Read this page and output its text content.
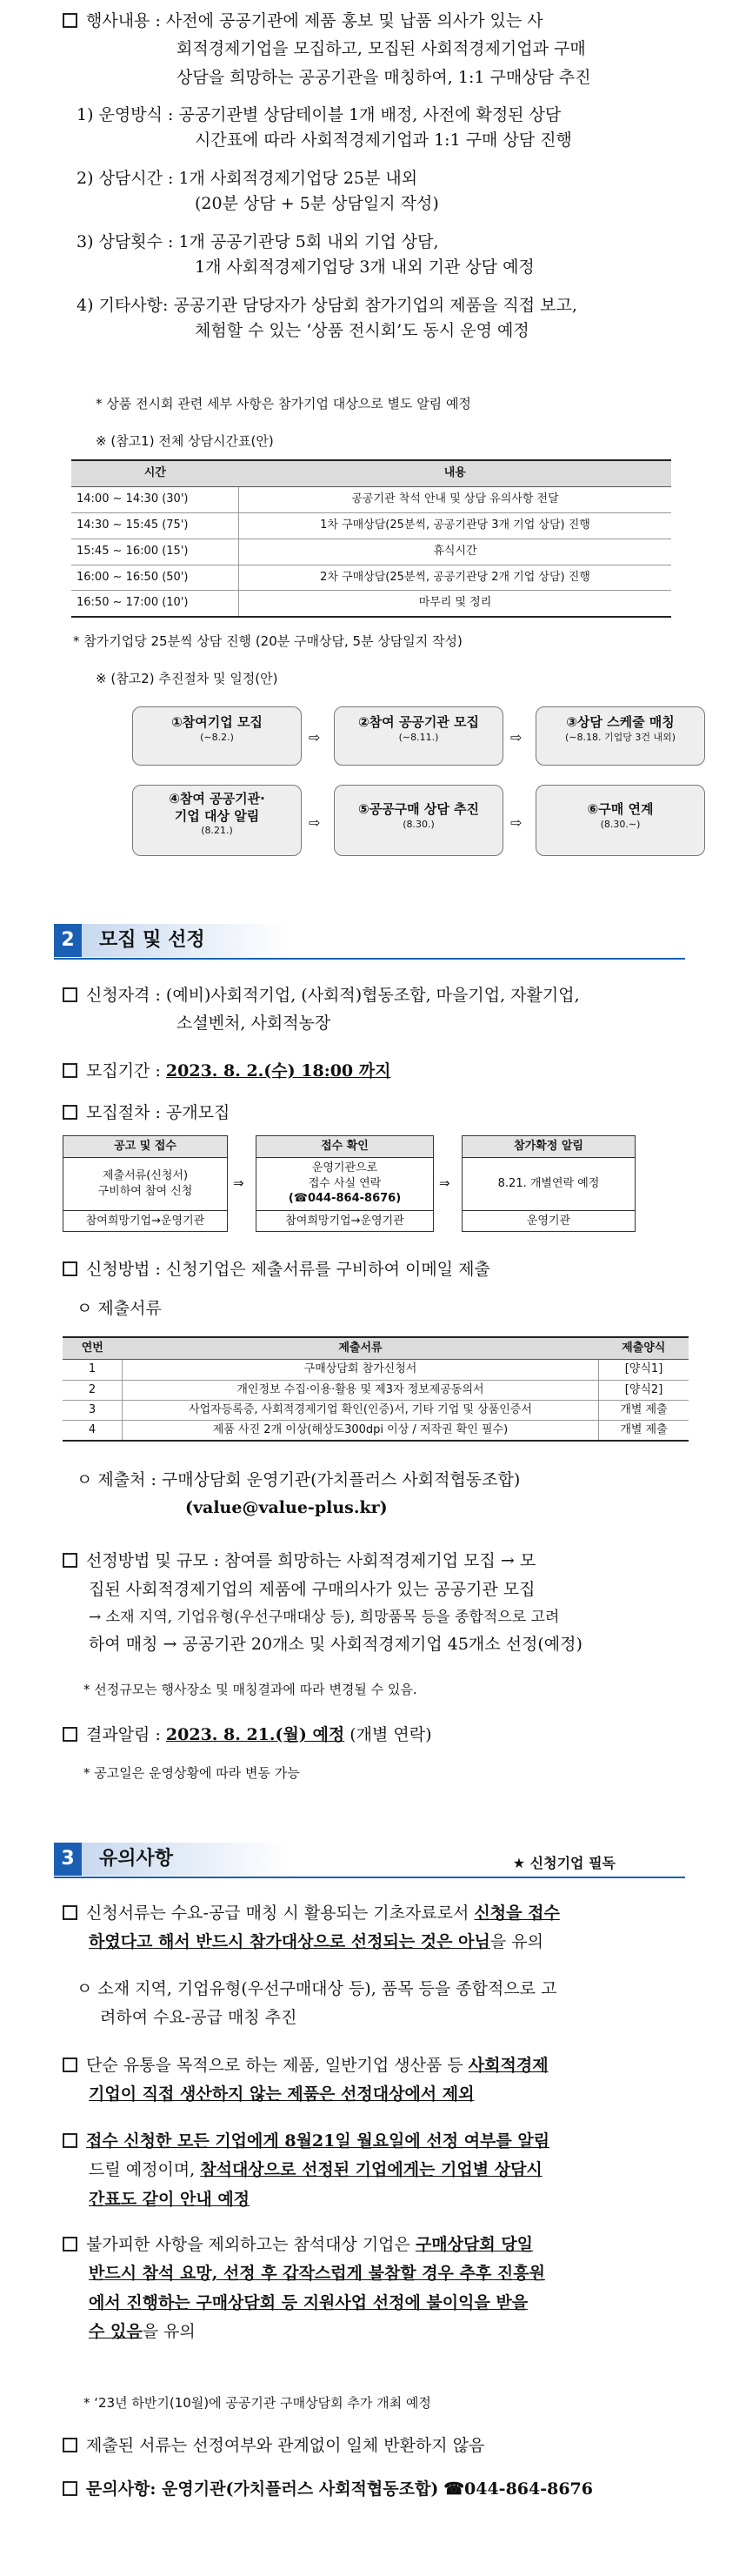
행사내용 : 사전에 공공기관에 제품 홍보 및 납품 의사가 있는 사

회적경제기업을 모집하고, 모집된 사회적경제기업과 구매

상담을 희망하는 공공기관을 매칭하여, 1:1 구매상담 추진

1) 운영방식 : 공공기관별 상담테이블 1개 배정, 사전에 확정된 상담
시간표에 따라 사회적경제기업과 1:1 구매 상담 진행
2) 상담시간 : 1개 사회적경제기업당 25분 내외
(20분 상담 + 5분 상담일지 작성)
3) 상담횟수 : 1개 공공기관당 5회 내외 기업 상담,
1개 사회적경제기업당 3개 내외 기관 상담 예정
4) 기타사항: 공공기관 담당자가 상담회 참가기업의 제품을 직접 보고,
체험할 수 있는 ‘상품 전시회’도 동시 운영 예정
* 상품 전시회 관련 세부 사항은 참가기업 대상으로 별도 알림 예정
※ (참고1) 전체 상담시간표(안)
시간	내용
14:00 ∼ 14:30 (30')	공공기관 착석 안내 및 상담 유의사항 전달
14:30 ∼ 15:45 (75')	1차 구매상담(25분씩, 공공기관당 3개 기업 상담) 진행
15:45 ∼ 16:00 (15')	휴식시간
16:00 ∼ 16:50 (50')	2차 구매상담(25분씩, 공공기관당 2개 기업 상담) 진행
16:50 ∼ 17:00 (10')	마무리 및 정리
* 참가기업당 25분씩 상담 진행 (20분 구매상담, 5분 상담일지 작성)
※ (참고2) 추진절차 및 일정(안)
①참여기업 모집
(∼8.2.)	⇨
②참여 공공기관 모집
(∼8.11.)	⇨
③상담 스케줄 매칭
(∼8.18. 기업당 3건 내외)
④참여 공공기관·
기업 대상 알림
(8.21.)	⇨
⑤공공구매 상담 추진
(8.30.)	⇨
⑥구매 연계
(8.30.∼)
2	모집 및 선정

신청자격 : (예비)사회적기업, (사회적)협동조합, 마을기업, 자활기업,

소셜벤처, 사회적농장

모집기간 : 2023. 8. 2.(수) 18:00 까지

모집절차 : 공개모집

공고 및 접수
제출서류(신청서)
구비하여 참여 신청
참여희망기업→운영기관
⇒
접수 확인
운영기관으로
접수 사실 연락
(☎044-864-8676)
참여희망기업→운영기관
⇒
참가확정 알림
8.21. 개별연락 예정
운영기관

신청방법 : 신청기업은 제출서류를 구비하여 이메일 제출

ㅇ 제출서류
연번	제출서류	제출양식
1	구매상담회 참가신청서	[양식1]
2	개인정보 수집·이용·활용 및 제3자 정보제공동의서	[양식2]
3	사업자등록증, 사회적경제기업 확인(인증)서, 기타 기업 및 상품인증서	개별 제출
4	제품 사진 2개 이상(해상도300dpi 이상 / 저작권 확인 필수)	개별 제출
ㅇ 제출처 : 구매상담회 운영기관(가치플러스 사회적협동조합)
(value@value-plus.kr)
선정방법 및 규모 : 참여를 희망하는 사회적경제기업 모집 → 모
집된 사회적경제기업의 제품에 구매의사가 있는 공공기관 모집
→ 소재 지역, 기업유형(우선구매대상 등), 희망품목 등을 종합적으로 고려
하여 매칭 → 공공기관 20개소 및 사회적경제기업 45개소 선정(예정)
* 선정규모는 행사장소 및 매칭결과에 따라 변경될 수 있음.

결과알림 : 2023. 8. 21.(월) 예정 (개별 연락)

* 공고일은 운영상황에 따라 변동 가능
3	유의사항	★ 신청기업 필독
신청서류는 수요-공급 매칭 시 활용되는 기초자료로서 신청을 접수
하였다고 해서 반드시 참가대상으로 선정되는 것은 아님을 유의
ㅇ 소재 지역, 기업유형(우선구매대상 등), 품목 등을 종합적으로 고
려하여 수요-공급 매칭 추진
단순 유통을 목적으로 하는 제품, 일반기업 생산품 등 사회적경제
기업이 직접 생산하지 않는 제품은 선정대상에서 제외
접수 신청한 모든 기업에게 8월21일 월요일에 선정 여부를 알림
드릴 예정이며, 참석대상으로 선정된 기업에게는 기업별 상담시
간표도 같이 안내 예정
불가피한 사항을 제외하고는 참석대상 기업은 구매상담회 당일
반드시 참석 요망, 선정 후 갑작스럽게 불참할 경우 추후 진흥원
에서 진행하는 구매상담회 등 지원사업 선정에 불이익을 받을
수 있음을 유의
* ‘23년 하반기(10월)에 공공기관 구매상담회 추가 개최 예정

제출된 서류는 선정여부와 관계없이 일체 반환하지 않음

문의사항: 운영기관(가치플러스 사회적협동조합) ☎044-864-8676
